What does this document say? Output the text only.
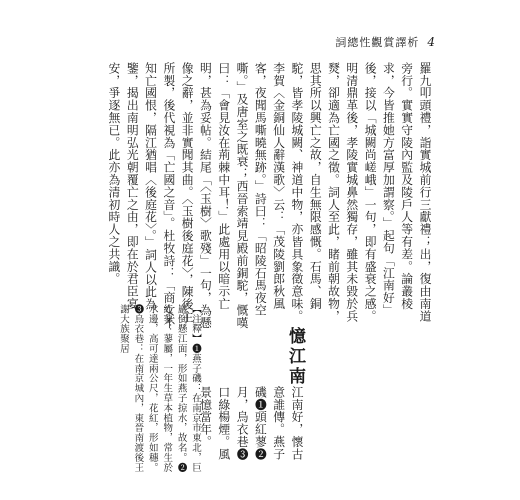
詞總性觀賞譯析 4
羅九叩頭禮，詣實城前行三獻禮；出，復由南道旁行。實實守陵內監及陵戶人等有差。論叢棱求，今皆推她方富厚加謂察。」起句「江南好」後，接以「城闕尚嵯峨」一句，即有盛衰之感。明清鼎革後，孝陵實城鼻然獨存，雖其未毀於兵燹，卻適為亡國之徵。詞人至此，睹前朝故物，思其所以興亡之故，自生無限感慨。石馬、銅駝，皆孝陵城闕、神道中物，亦皆具象徵意味。李賀〈金銅仙人辭漢歌〉云：「茂陵劉郎秋風客，夜聞馬嘶曉無跡。」詩曰：「昭陵石馬夜空嘶。」及唐室之既衰；西晉索靖見殿前銅駝，慨嘆曰：「會見汝在荊棘中耳！」此處用以暗示亡明，甚為妥帖。結尾「〈玉樹〉歌殘」一句，為懸像之辭，並非實聞其曲。〈玉樹後庭花〉，陳後主所製，後代視為「亡國之音」。杜牧詩：「商女不知亡國恨，隔江猶唱〈後庭花〉。」詞人以此為鑒，揭出南明弘光朝覆亡之由，即在於君臣宴安，爭逐無已。此亦為清初時人之共識。
憶江南
江南好，懷古意誰傳。燕子磯❶頭紅蓼❷月，烏衣巷❸口綠楊煙。風景憶當年。
【注釋】❶燕子磯：在南京市東北，巨巖倒懸江面，形如燕子掠水，故名。❷紅蓼：蓼屬，一年生草本植物，常生於水邊，高可達兩公尺，花紅，形如穗。❸烏衣巷：在南京城內，東晉南渡後王謝大族聚居
